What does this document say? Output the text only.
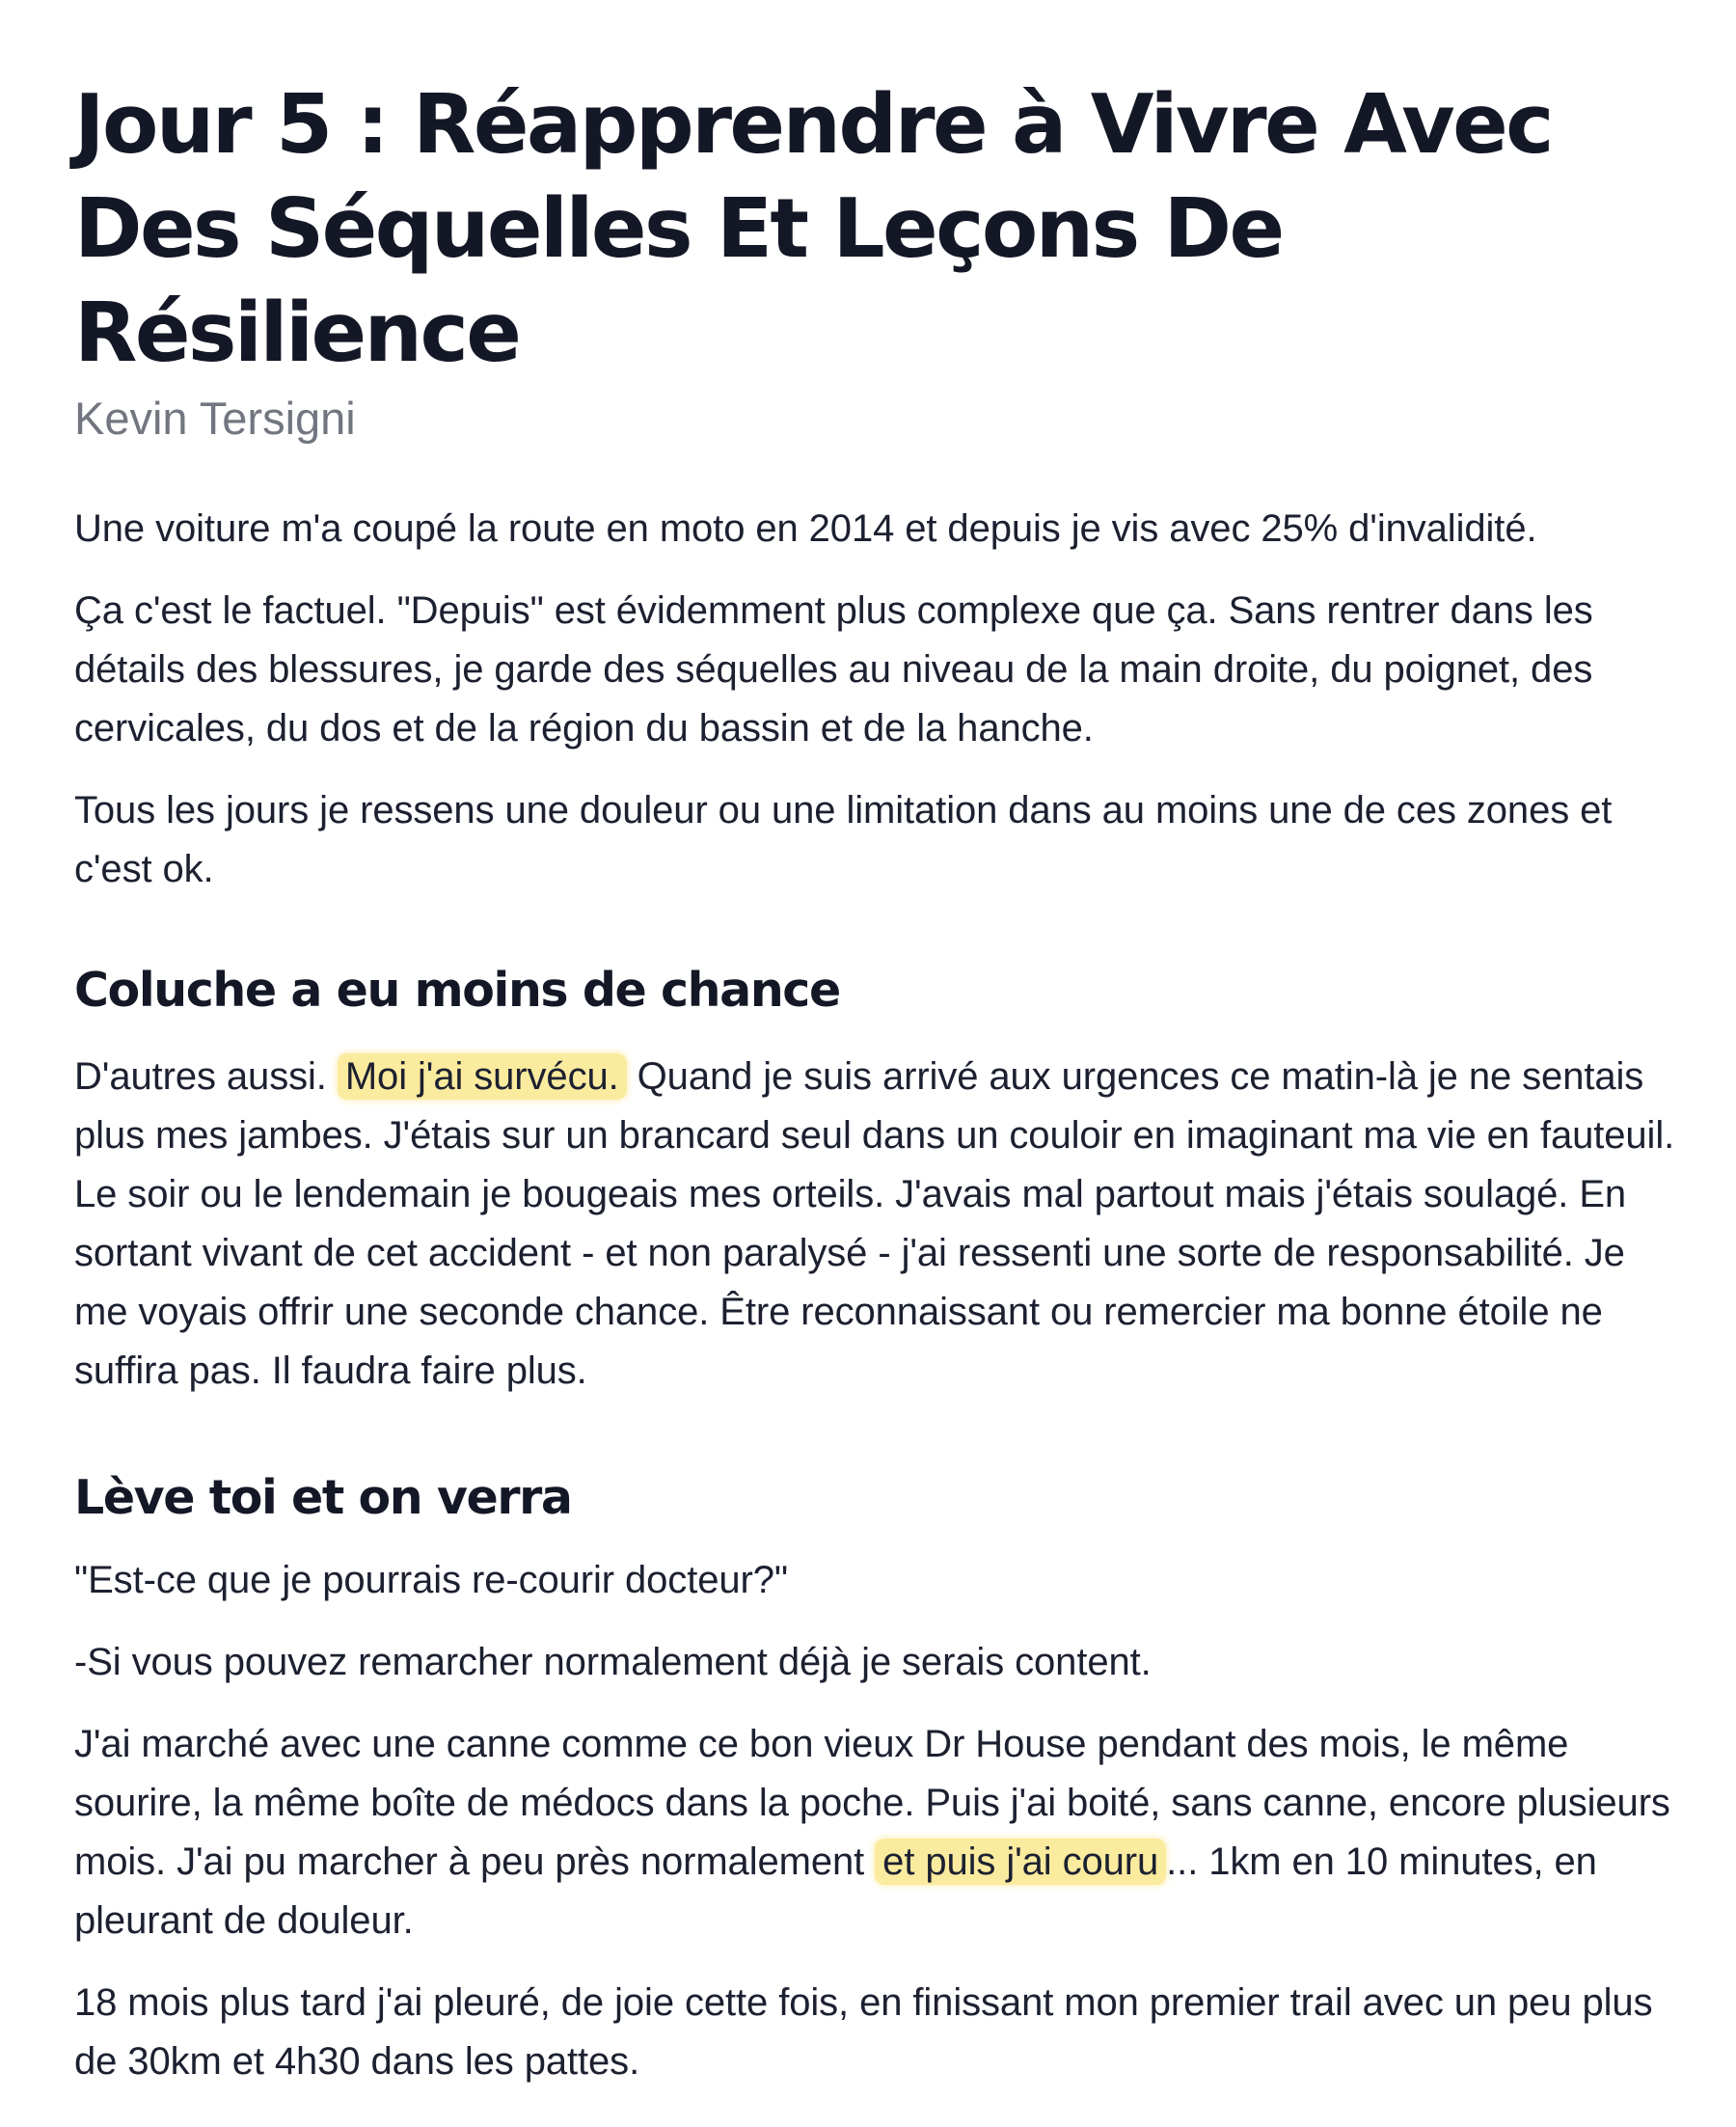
Jour 5 : Réapprendre à Vivre Avec Des Séquelles Et Leçons De Résilience
Kevin Tersigni

Une voiture m'a coupé la route en moto en 2014 et depuis je vis avec 25% d'invalidité.

Ça c'est le factuel. "Depuis" est évidemment plus complexe que ça. Sans rentrer dans les détails des blessures, je garde des séquelles au niveau de la main droite, du poignet, des cervicales, du dos et de la région du bassin et de la hanche.

Tous les jours je ressens une douleur ou une limitation dans au moins une de ces zones et c'est ok.

Coluche a eu moins de chance

D'autres aussi. Moi j'ai survécu. Quand je suis arrivé aux urgences ce matin-là je ne sentais plus mes jambes. J'étais sur un brancard seul dans un couloir en imaginant ma vie en fauteuil. Le soir ou le lendemain je bougeais mes orteils. J'avais mal partout mais j'étais soulagé. En sortant vivant de cet accident - et non paralysé - j'ai ressenti une sorte de responsabilité. Je me voyais offrir une seconde chance. Être reconnaissant ou remercier ma bonne étoile ne suffira pas. Il faudra faire plus.

Lève toi et on verra

"Est-ce que je pourrais re-courir docteur?"

-Si vous pouvez remarcher normalement déjà je serais content.

J'ai marché avec une canne comme ce bon vieux Dr House pendant des mois, le même sourire, la même boîte de médocs dans la poche. Puis j'ai boité, sans canne, encore plusieurs mois. J'ai pu marcher à peu près normalement et puis j'ai couru ... 1km en 10 minutes, en pleurant de douleur.

18 mois plus tard j'ai pleuré, de joie cette fois, en finissant mon premier trail avec un peu plus de 30km et 4h30 dans les pattes.
